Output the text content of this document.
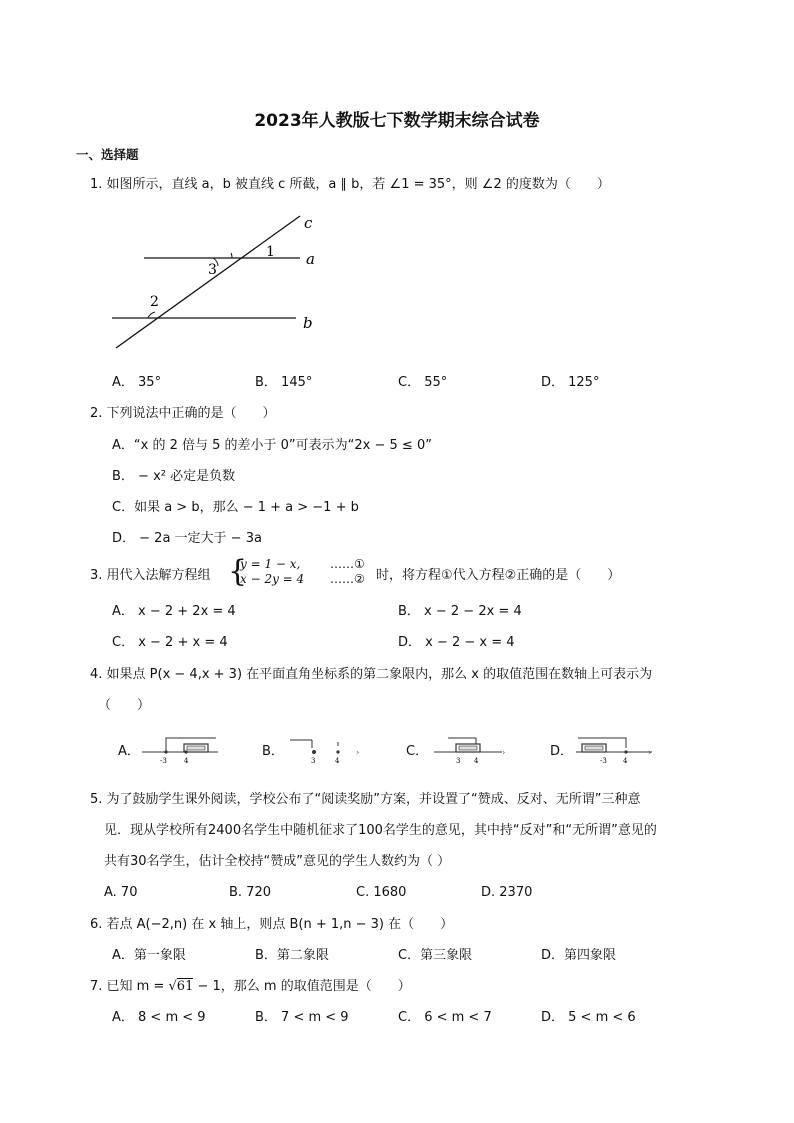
2023年人教版七下数学期末综合试卷
一、选择题
1. 如图所示，直线 a，b 被直线 c 所截，a ∥ b，若 ∠1 = 35°，则 ∠2 的度数为（　　）
c
a
b
1
3
2
A． 35°	B． 145°	C． 55°	D． 125°
2. 下列说法中正确的是（　　）
A．“x 的 2 倍与 5 的差小于 0”可表示为“2x − 5 ≤ 0”
B． − x² 必定是负数
C．如果 a > b，那么 − 1 + a > −1 + b
D． − 2a 一定大于 − 3a
3. 用代入法解方程组 {
y = 1 − x,
x − 2y = 4
……①
……② 时，将方程①代入方程②正确的是（　　）
A． x − 2 + 2x = 4	B． x − 2 − 2x = 4
C． x − 2 + x = 4	D． x − 2 − x = 4
4. 如果点 P(x − 4,x + 3) 在平面直角坐标系的第二象限内，那么 x 的取值范围在数轴上可表示为
（　　）
A．
-3 4
B．	›
3	4
C．	›
3 4
D．	›
-3 4
5. 为了鼓励学生课外阅读，学校公布了“阅读奖励”方案，并设置了“赞成、反对、无所谓”三种意
见．现从学校所有2400名学生中随机征求了100名学生的意见，其中持“反对”和“无所谓”意见的
共有30名学生，估计全校持“赞成”意见的学生人数约为（ ）
A. 70	B. 720	C. 1680	D. 2370
6. 若点 A(−2,n) 在 x 轴上，则点 B(n + 1,n − 3) 在（　　）
A．第一象限	B．第二象限	C．第三象限	D．第四象限
7. 已知 m = √61 − 1，那么 m 的取值范围是（　　）
A． 8 < m < 9	B． 7 < m < 9	C． 6 < m < 7	D． 5 < m < 6
